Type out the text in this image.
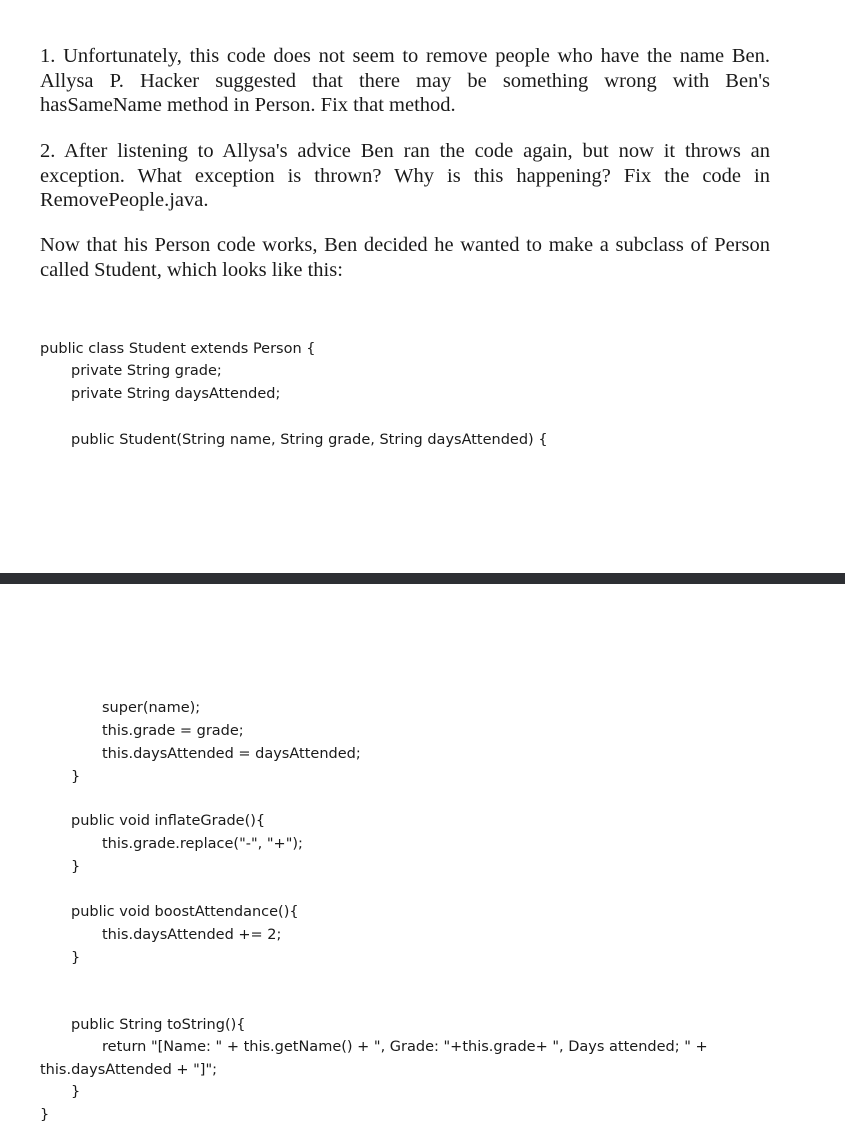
1. Unfortunately, this code does not seem to remove people who have the name Ben. Allysa P. Hacker suggested that there may be something wrong with Ben's hasSameName method in Person. Fix that method.

2. After listening to Allysa's advice Ben ran the code again, but now it throws an exception. What exception is thrown? Why is this happening? Fix the code in RemovePeople.java.

Now that his Person code works, Ben decided he wanted to make a subclass of Person called Student, which looks like this:

public class Student extends Person {
private String grade;
private String daysAttended;
public Student(String name, String grade, String daysAttended) {
super(name);
this.grade = grade;
this.daysAttended = daysAttended;
}
public void inflateGrade(){
this.grade.replace("-", "+");
}
public void boostAttendance(){
this.daysAttended += 2;
}
public String toString(){
return "[Name: " + this.getName() + ", Grade: "+this.grade+ ", Days attended; " +
this.daysAttended + "]";
}
}
